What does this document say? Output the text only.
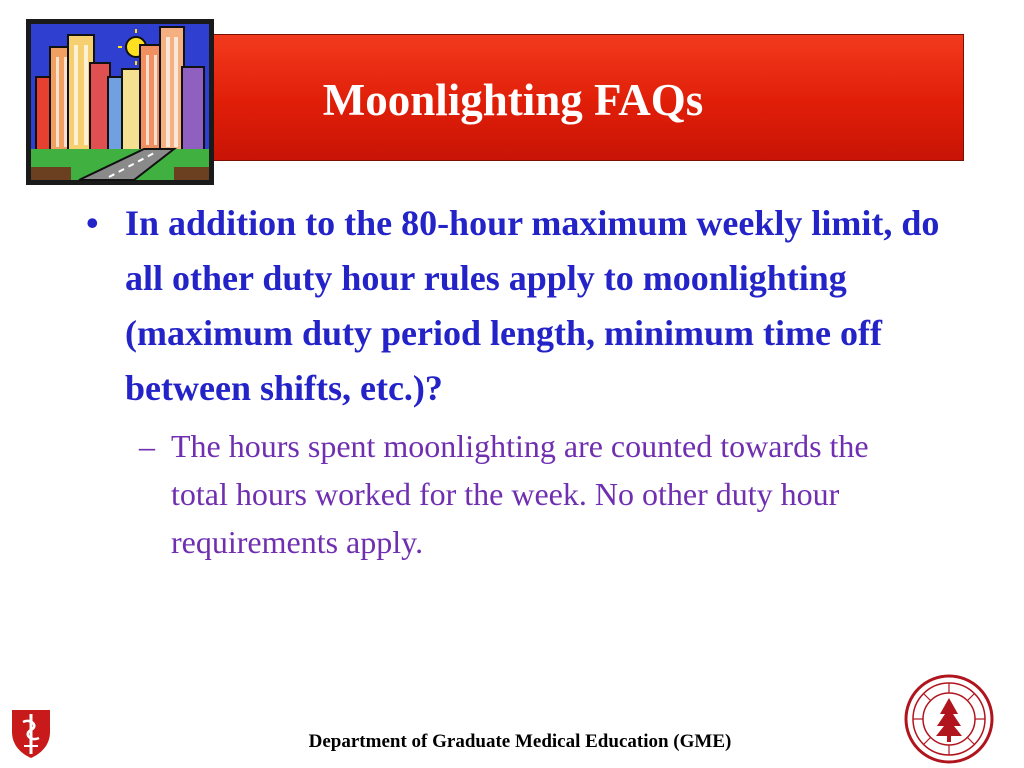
Moonlighting FAQs
• In addition to the 80-hour maximum weekly limit, do all other duty hour rules apply to moonlighting (maximum duty period length, minimum time off between shifts, etc.)?
– The hours spent moonlighting are counted towards the total hours worked for the week. No other duty hour requirements apply.
Department of Graduate Medical Education (GME)
